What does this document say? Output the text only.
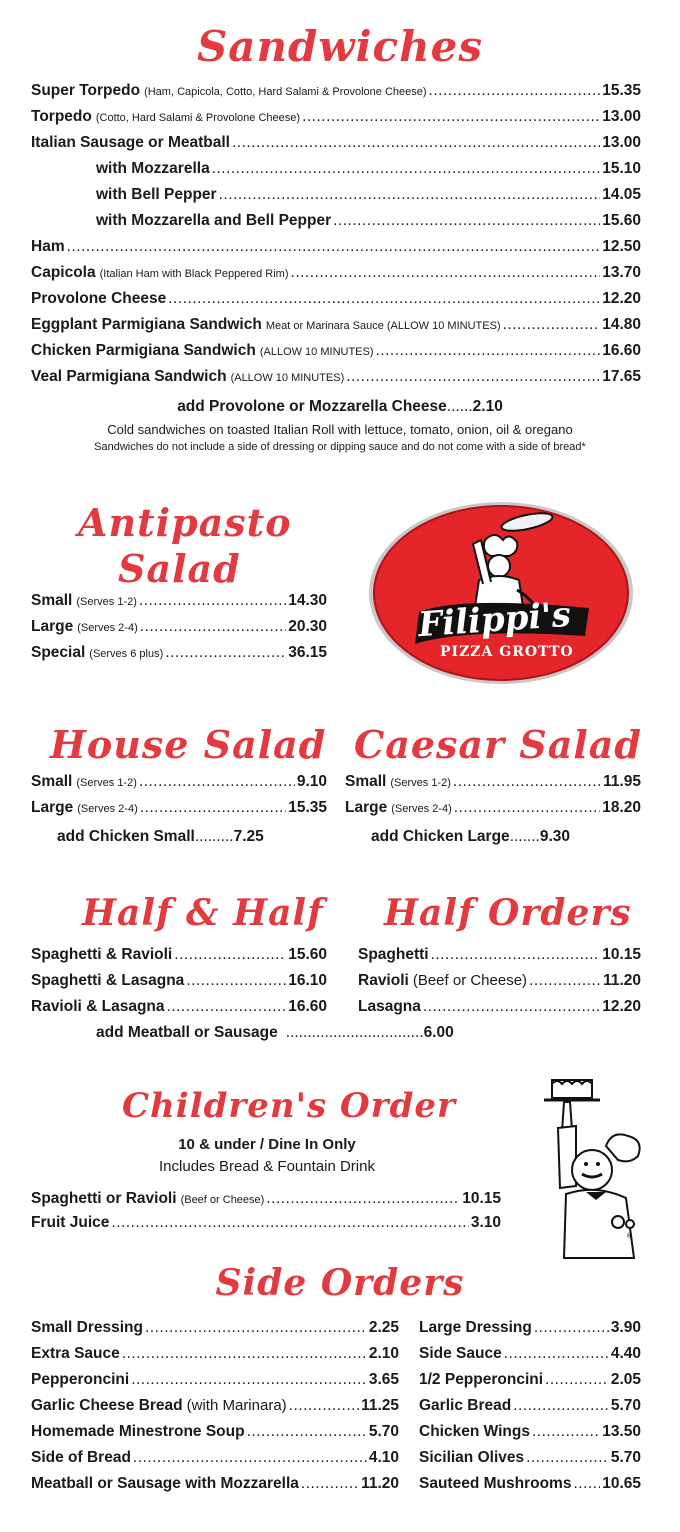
Sandwiches
Super Torpedo (Ham, Capicola, Cotto, Hard Salami & Provolone Cheese) .....	15.35
Torpedo (Cotto, Hard Salami & Provolone Cheese) .....	13.00
Italian Sausage or Meatball .....	13.00
with Mozzarella .....	15.10
with Bell Pepper .....	14.05
with Mozzarella and Bell Pepper .....	15.60
Ham .....	12.50
Capicola (Italian Ham with Black Peppered Rim) .....	13.70
Provolone Cheese .....	12.20
Eggplant Parmigiana Sandwich Meat or Marinara Sauce (ALLOW 10 MINUTES) .....	14.80
Chicken Parmigiana Sandwich (ALLOW 10 MINUTES) .....	16.60
Veal Parmigiana Sandwich (ALLOW 10 MINUTES) .....	17.65
add Provolone or Mozzarella Cheese......2.10
Cold sandwiches on toasted Italian Roll with lettuce, tomato, onion, oil & oregano
Sandwiches do not include a side of dressing or dipping sauce and do not come with a side of bread*
Antipasto
Salad
Small (Serves 1-2) .....	14.30
Large (Serves 2-4) .....	20.30
Special (Serves 6 plus) .....	36.15
Filippi's
PIZZA GROTTO
House Salad Caesar Salad
Small (Serves 1-2) .....	9.10
Large (Serves 2-4) .....	15.35
add Chicken Small ......... 7.25
Small (Serves 1-2) .....	11.95
Large (Serves 2-4) .....	18.20
add Chicken Large ....... 9.30
Half & Half Half Orders
Spaghetti & Ravioli .....	15.60
Spaghetti & Lasagna .....	16.10
Ravioli & Lasagna .....	16.60
Spaghetti .....	10.15
Ravioli (Beef or Cheese) .....	11.20
Lasagna .....	12.20
add Meatball or Sausage ................................ 6.00
Children's Order
10 & under / Dine In Only
Includes Bread & Fountain Drink
Spaghetti or Ravioli (Beef or Cheese) .....	10.15
Fruit Juice .....	3.10
®
Side Orders
Small Dressing .....	2.25
Extra Sauce .....	2.10
Pepperoncini .....	3.65
Garlic Cheese Bread (with Marinara) .....	11.25
Homemade Minestrone Soup .....	5.70
Side of Bread .....	4.10
Meatball or Sausage with Mozzarella .....	11.20
Large Dressing .....	3.90
Side Sauce .....	4.40
1/2 Pepperoncini .....	2.05
Garlic Bread .....	5.70
Chicken Wings .....	13.50
Sicilian Olives .....	5.70
Sauteed Mushrooms ..... 10.65
